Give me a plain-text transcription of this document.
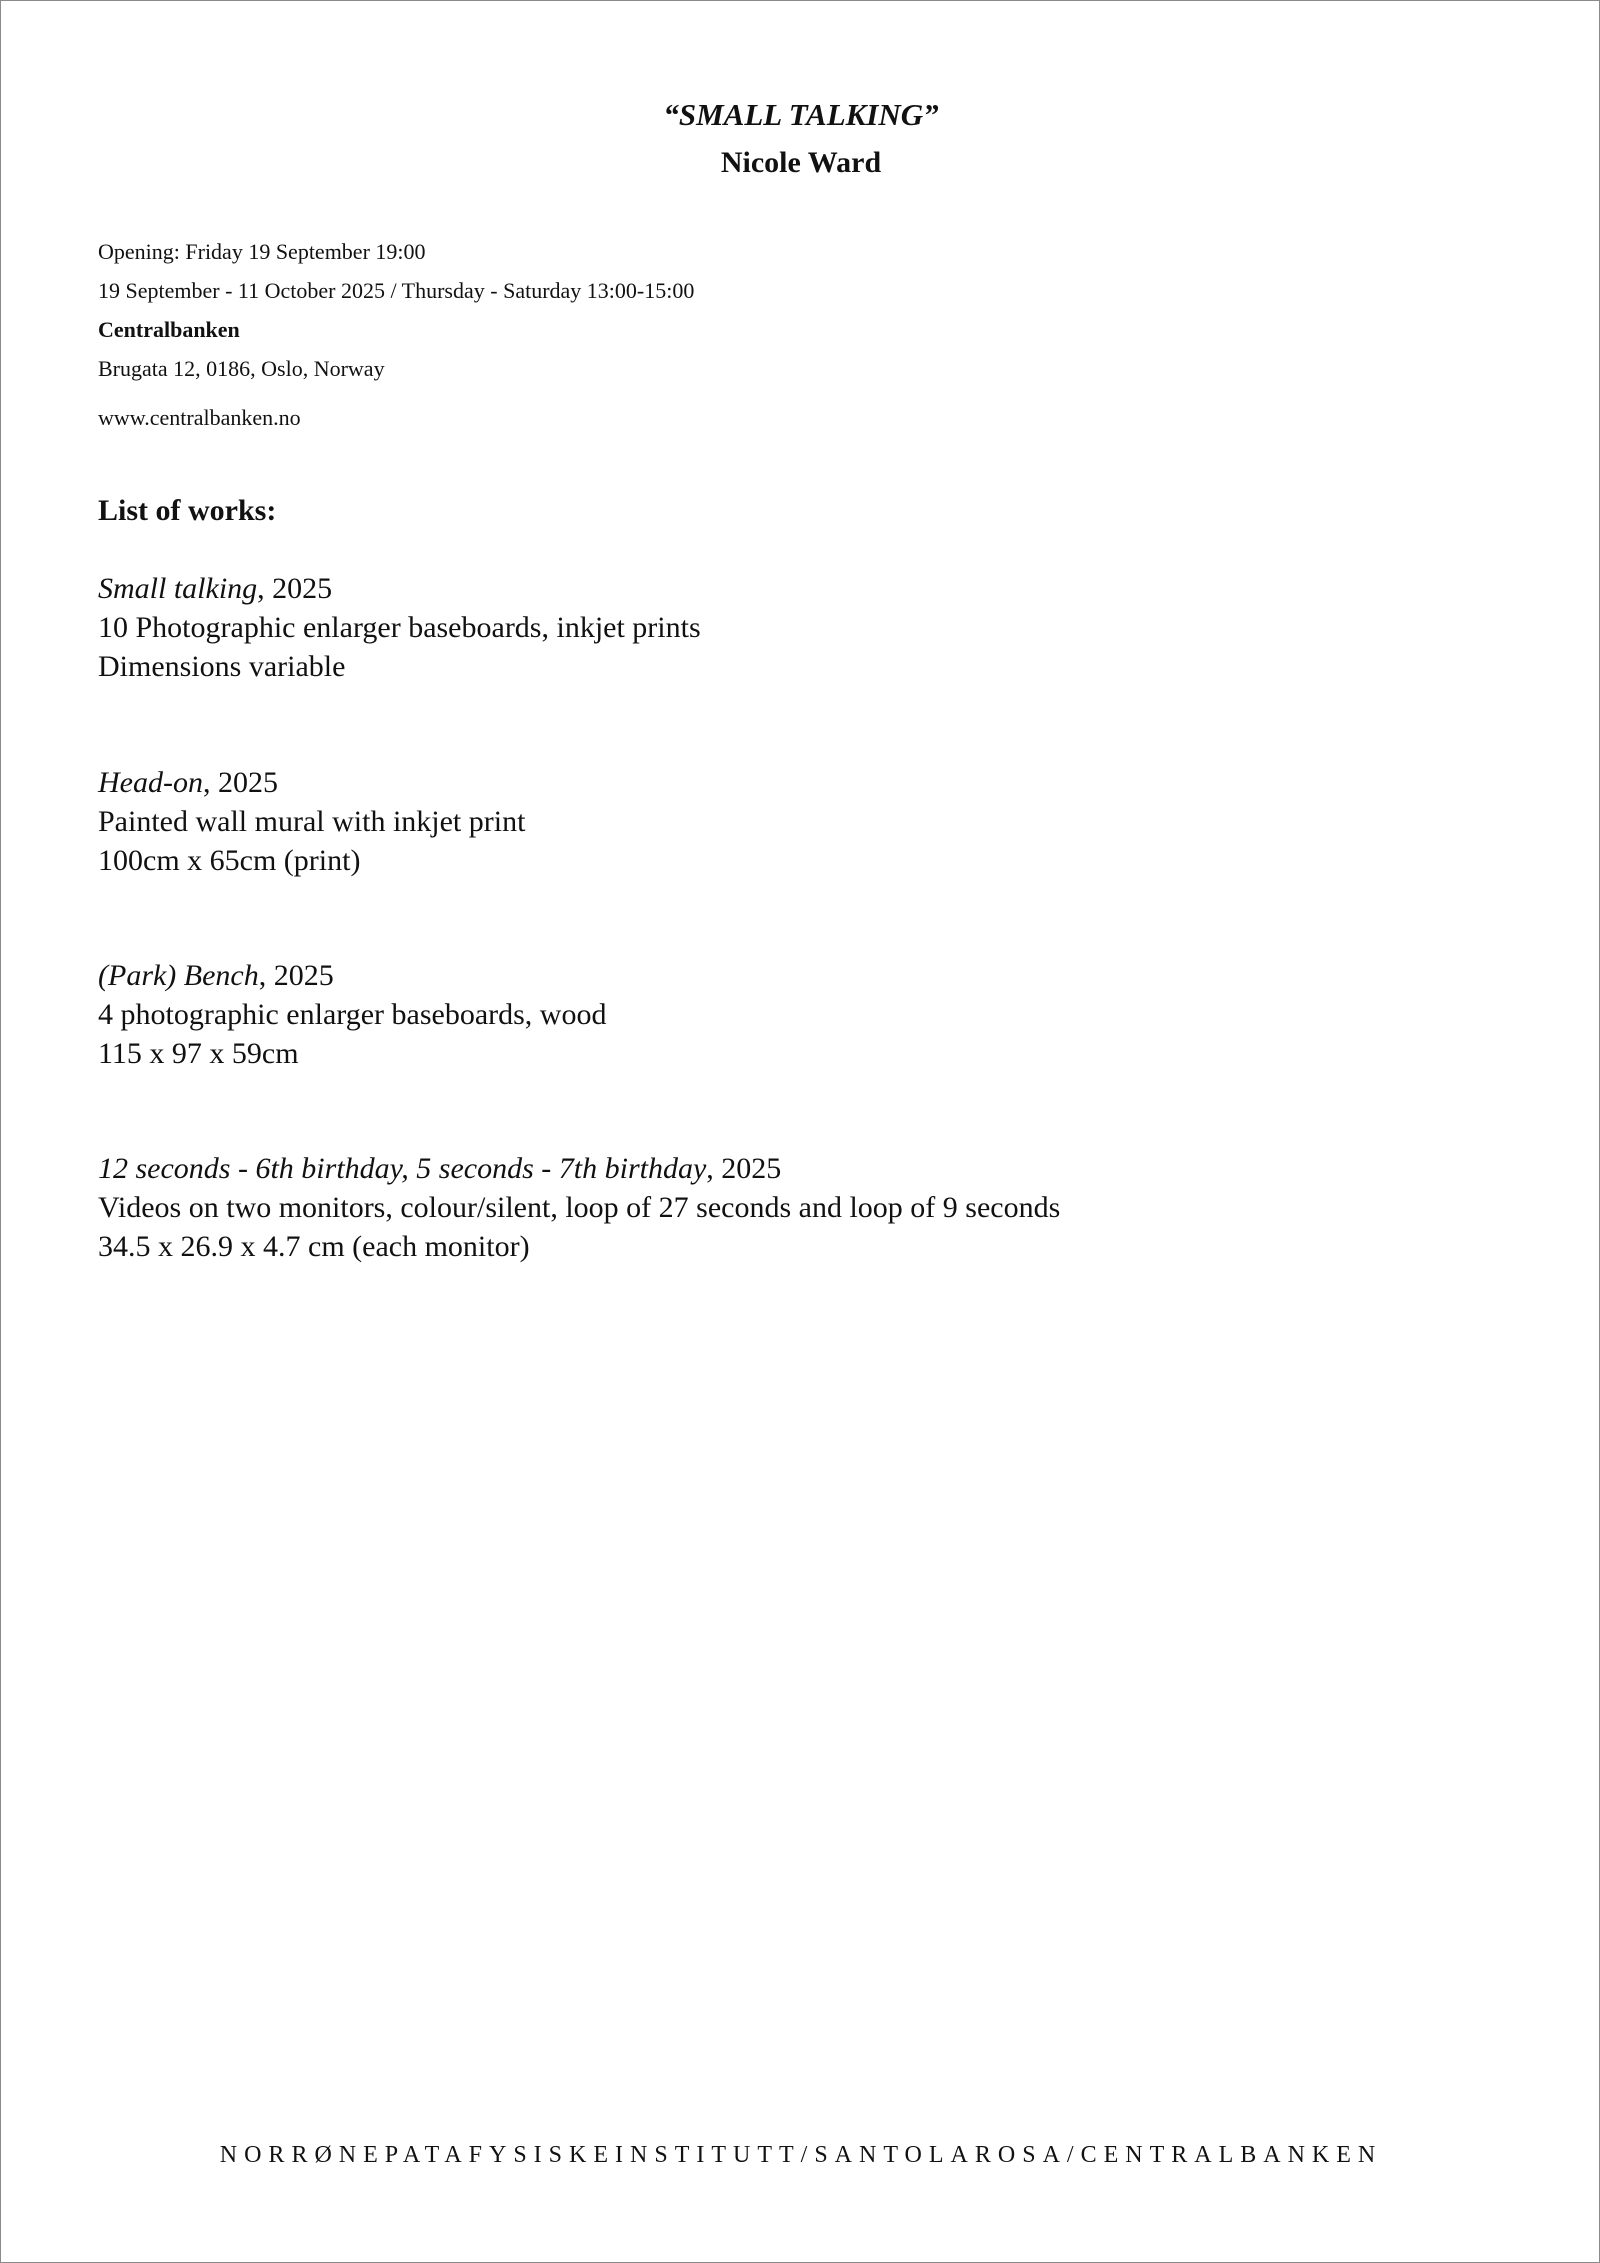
“SMALL TALKING”
Nicole Ward
Opening: Friday 19 September 19:00
19 September - 11 October 2025 / Thursday - Saturday 13:00-15:00
Centralbanken
Brugata 12, 0186, Oslo, Norway
www.centralbanken.no
List of works:
Small talking, 2025
10 Photographic enlarger baseboards, inkjet prints
Dimensions variable
Head-on, 2025
Painted wall mural with inkjet print
100cm x 65cm (print)
(Park) Bench, 2025
4 photographic enlarger baseboards, wood
115 x 97 x 59cm
12 seconds - 6th birthday, 5 seconds - 7th birthday, 2025
Videos on two monitors, colour/silent, loop of 27 seconds and loop of 9 seconds
34.5 x 26.9 x 4.7 cm (each monitor)
NORRØNEPATAFYSISKEINSTITUTT/SANTOLAROSA/CENTRALBANKEN
